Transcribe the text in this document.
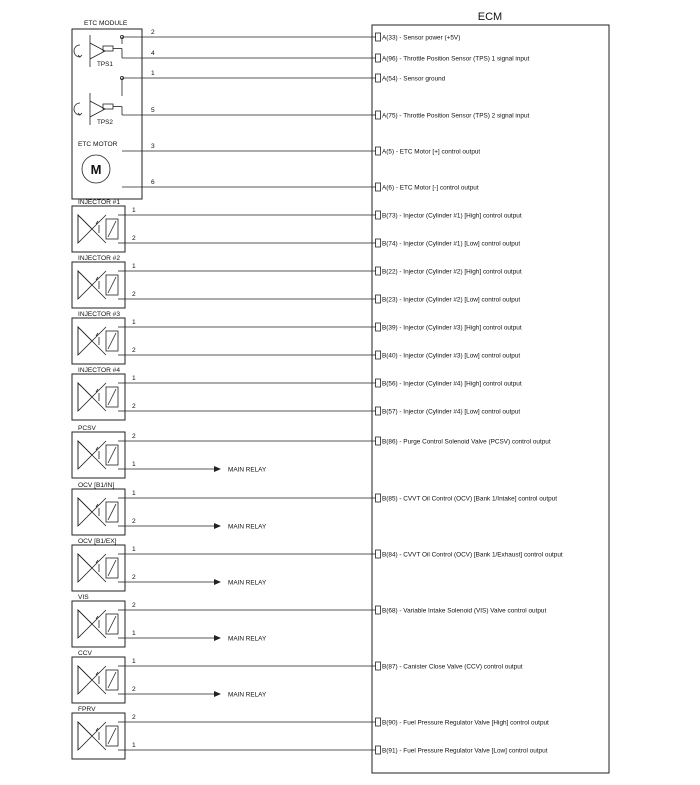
ECM
ETC MODULE
ETC MOTOR
TPS1
TPS2
M
2
A(33) - Sensor power (+5V)
4
A(96) - Throttle Position Sensor (TPS) 1 signal input
1
A(54) - Sensor ground
5
A(75) - Throttle Position Sensor (TPS) 2 signal input
3
A(5) - ETC Motor [+] control output
6
A(6) - ETC Motor [-] control output
INJECTOR #1
1
B(73) - Injector (Cylinder #1) [High] control output
2
B(74) - Injector (Cylinder #1) [Low] control output
INJECTOR #2
1
B(22) - Injector (Cylinder #2) [High] control output
2
B(23) - Injector (Cylinder #2) [Low] control output
INJECTOR #3
1
B(39) - Injector (Cylinder #3) [High] control output
2
B(40) - Injector (Cylinder #3) [Low] control output
INJECTOR #4
1
B(56) - Injector (Cylinder #4) [High] control output
2
B(57) - Injector (Cylinder #4) [Low] control output
PCSV
2
B(86) - Purge Control Solenoid Valve (PCSV) control output
1
MAIN RELAY
OCV [B1/IN]
1
B(85) - CVVT Oil Control (OCV) [Bank 1/Intake] control output
2
MAIN RELAY
OCV [B1/EX]
1
B(84) - CVVT Oil Control (OCV) [Bank 1/Exhaust] control output
2
MAIN RELAY
VIS
2
B(68) - Variable Intake Solenoid (VIS) Valve control output
1
MAIN RELAY
CCV
1
B(87) - Canister Close Valve (CCV) control output
2
MAIN RELAY
FPRV
2
B(90) - Fuel Pressure Regulator Valve [High] control output
1
B(91) - Fuel Pressure Regulator Valve [Low] control output
